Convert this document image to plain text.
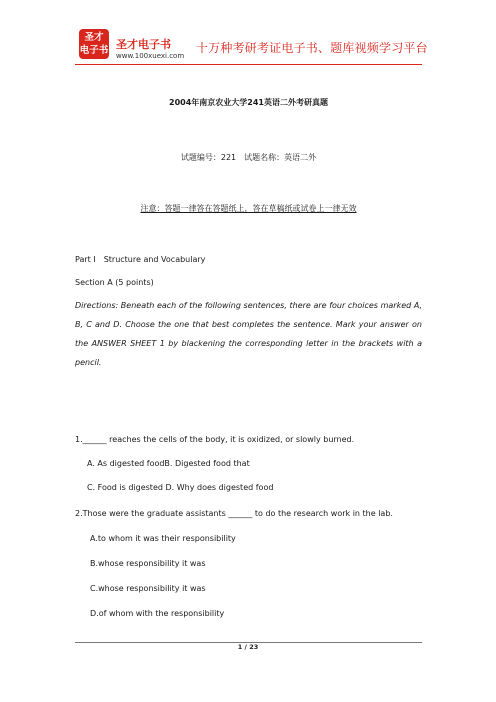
圣才
电子书 圣才电子书
www.100xuexi.com
十万种考研考证电子书、题库视频学习平台
2004年南京农业大学241英语二外考研真题
试题编号：221　试题名称：英语二外
注意：答题一律答在答题纸上，答在草稿纸或试卷上一律无效
Part I　Structure and Vocabulary
Section A (5 points)
Directions: Beneath each of the following sentences, there are four choices marked A, B, C and D. Choose the one that best completes the sentence. Mark your answer on the ANSWER SHEET 1 by blackening the corresponding letter in the brackets with a pencil.
1.______ reaches the cells of the body, it is oxidized, or slowly burned.
A. As digested foodB. Digested food that
C. Food is digested D. Why does digested food
2.Those were the graduate assistants ______ to do the research work in the lab.
A.to whom it was their responsibility
B.whose responsibility it was
C.whose responsibility it was
D.of whom with the responsibility
1 / 23
